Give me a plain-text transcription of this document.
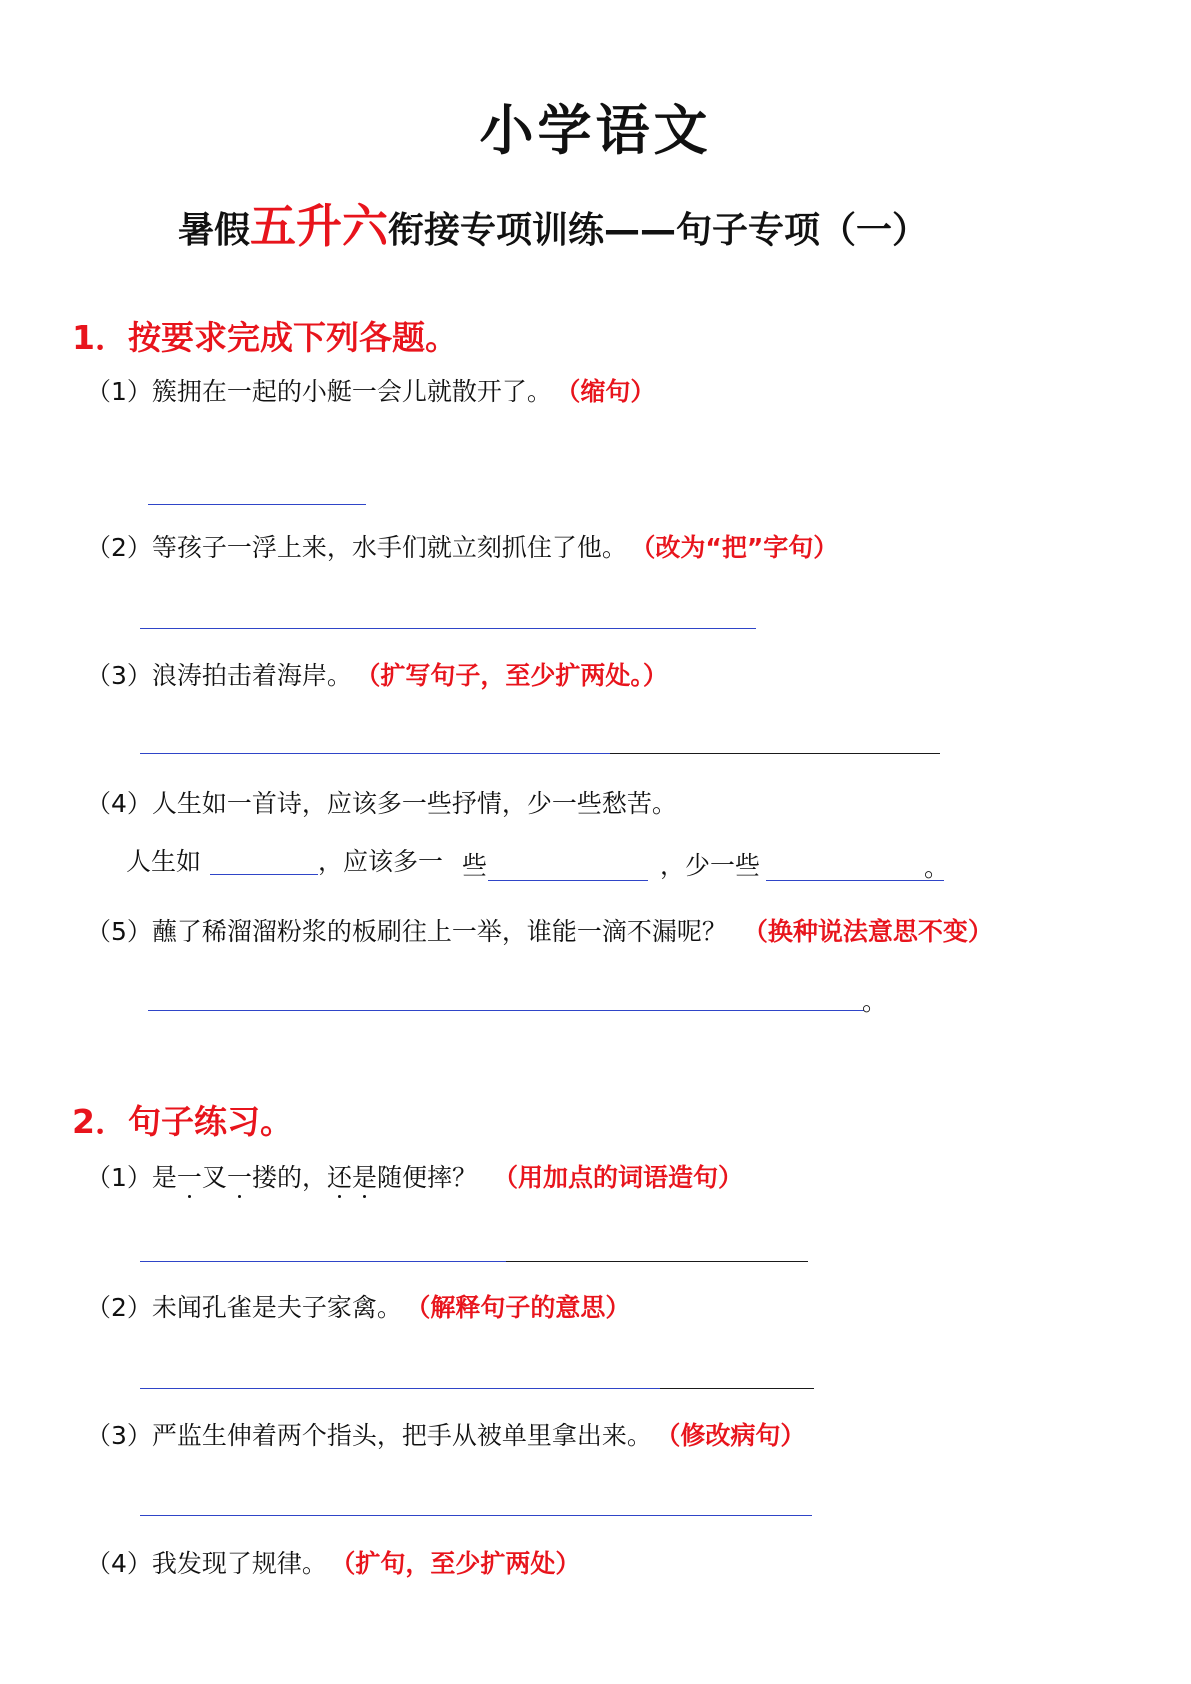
小学语文
暑假五升六衔接专项训练——句子专项（一）
1．按要求完成下列各题。
（1）簇拥在一起的小艇一会儿就散开了。 （缩句）
（2）等孩子一浮上来，水手们就立刻抓住了他。 （改为“把”字句）
（3）浪涛拍击着海岸。 （扩写句子，至少扩两处。）
（4）人生如一首诗，应该多一些抒情，少一些愁苦。
人生如	，应该多一 些	，少一些	。
（5）蘸了稀溜溜粉浆的板刷往上一举，谁能一滴不漏呢？ （换种说法意思不变）
。
2．句子练习。
（1）是一叉一搂的，还是随便摔？ （用加点的词语造句）
（2）未闻孔雀是夫子家禽。 （解释句子的意思）
（3）严监生伸着两个指头，把手从被单里拿出来。 （修改病句）
（4）我发现了规律。 （扩句，至少扩两处）
